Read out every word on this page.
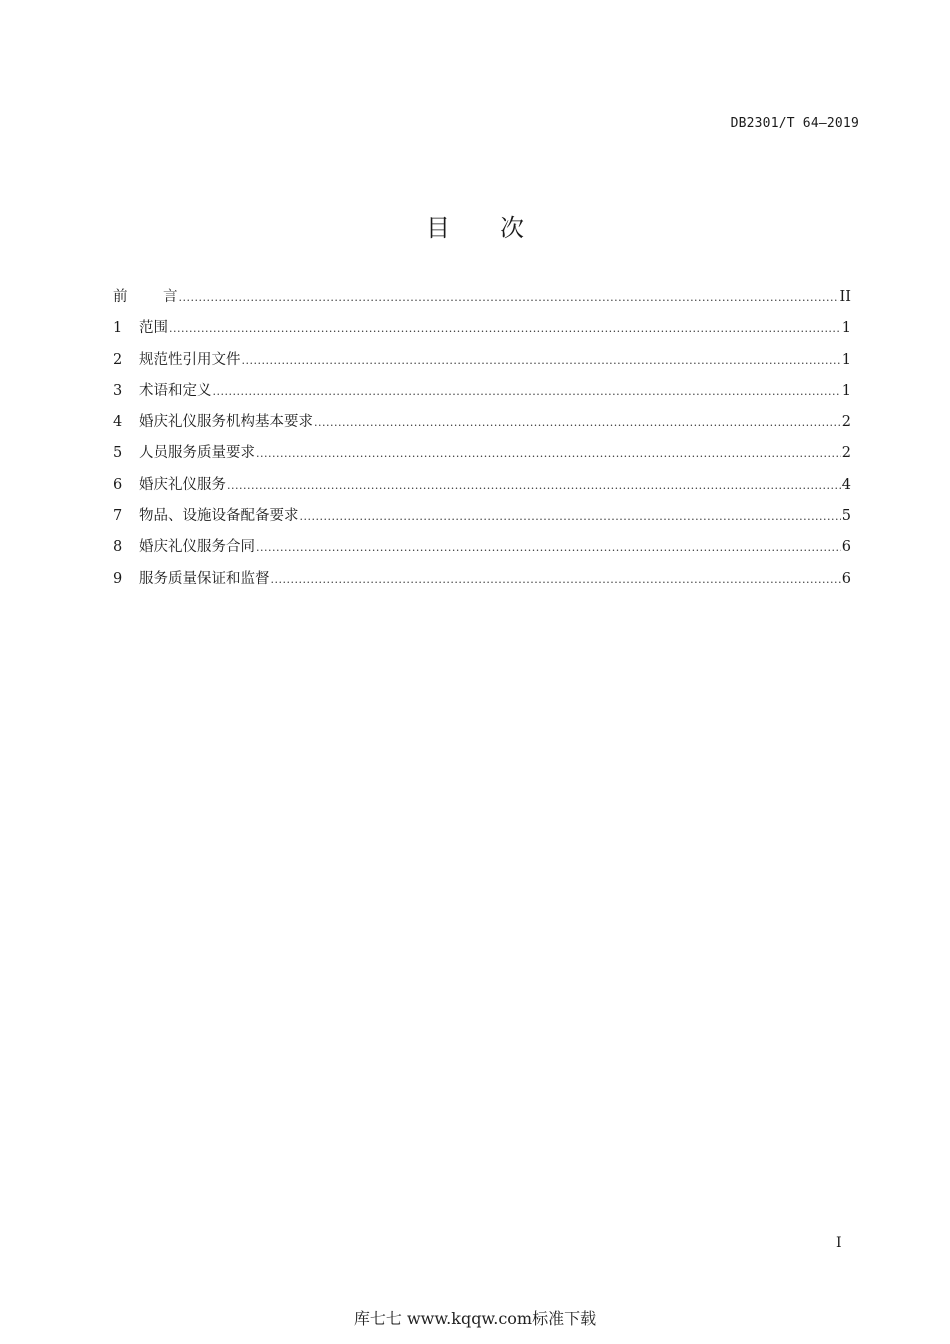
DB2301/T 64—2019
目 次
前 言 .....	II
1	范围 .....	1
2	规范性引用文件 .....	1
3	术语和定义 .....	1
4	婚庆礼仪服务机构基本要求 .....	2
5	人员服务质量要求 .....	2
6	婚庆礼仪服务 .....	4
7	物品、设施设备配备要求 .....	5
8	婚庆礼仪服务合同 .....	6
9	服务质量保证和监督 .....	6
I
库七七 www.kqqw.com标准下载
